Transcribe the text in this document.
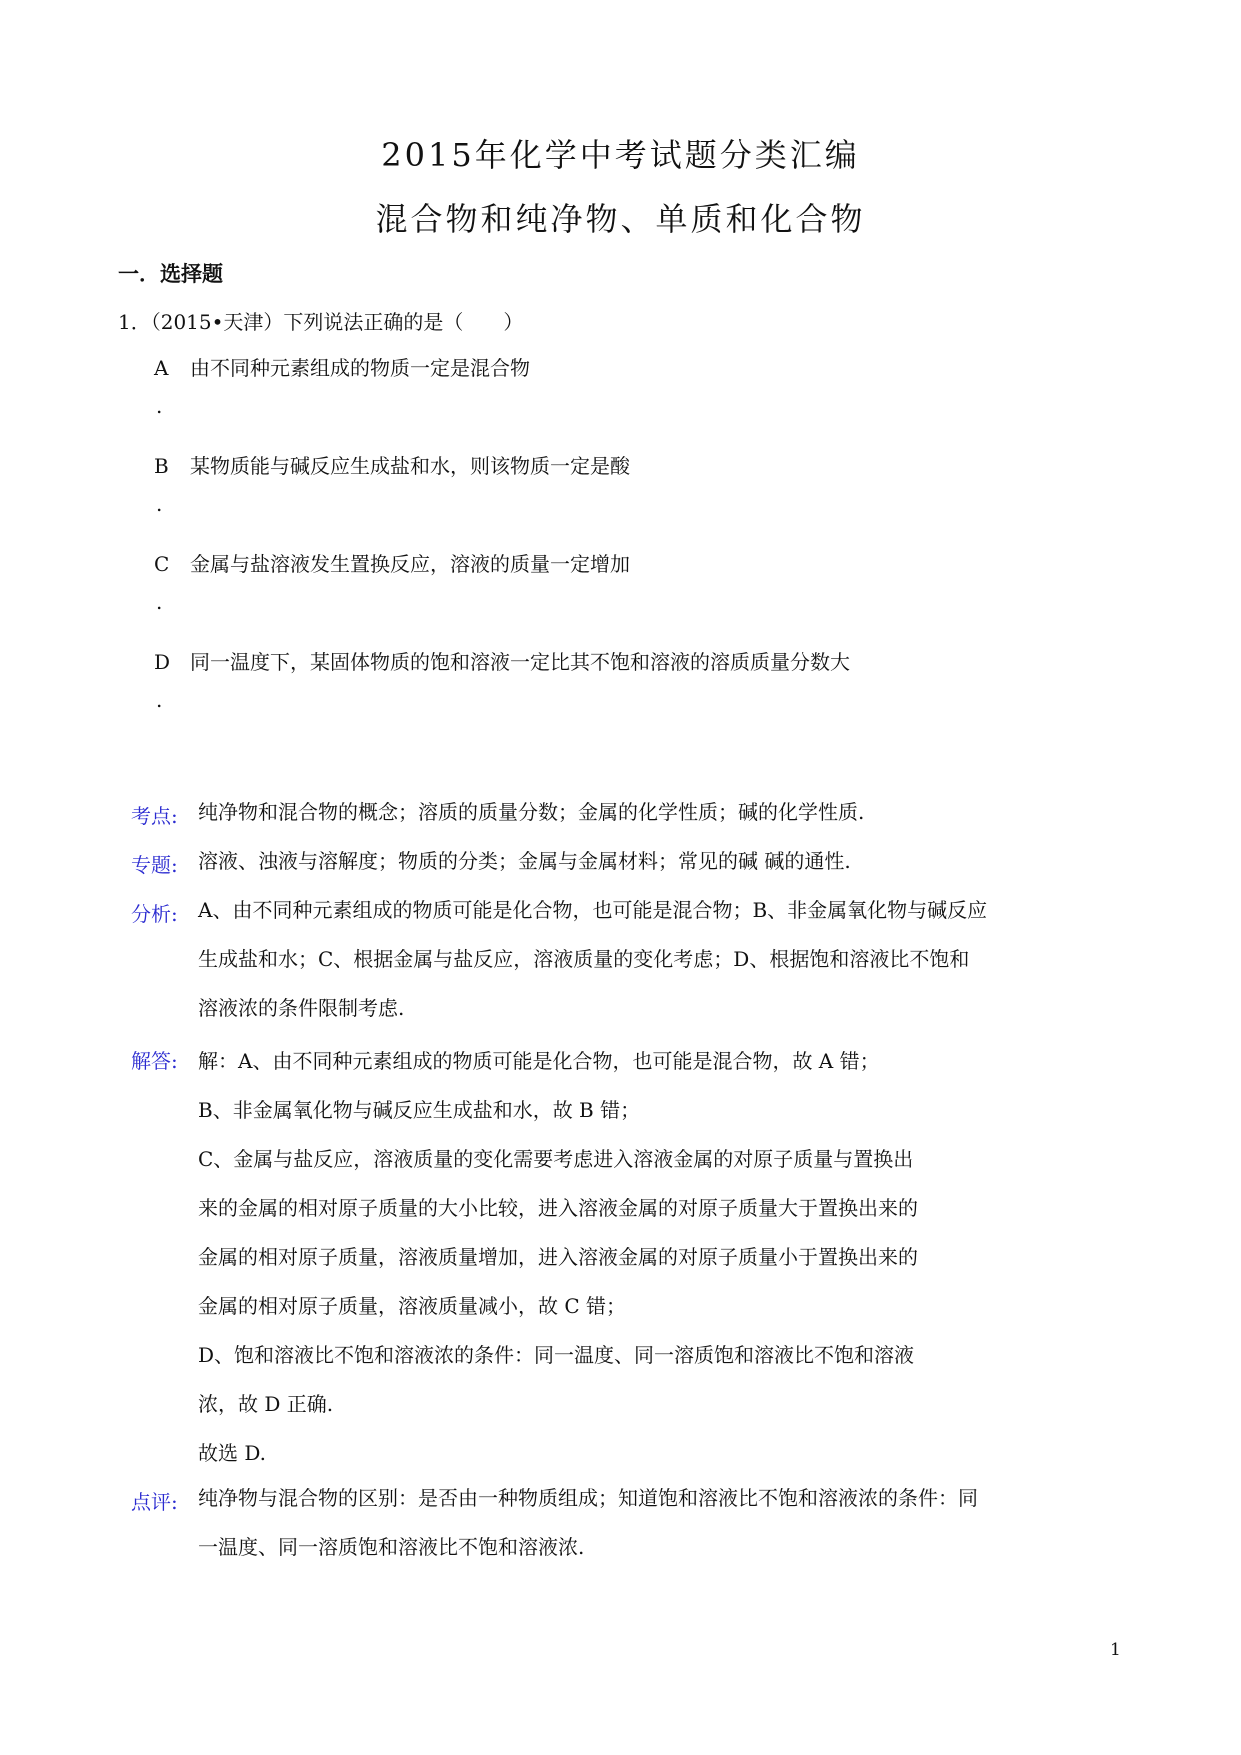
2015年化学中考试题分类汇编
混合物和纯净物、单质和化合物
一．选择题
1．（2015•天津）下列说法正确的是（　　）
A 由不同种元素组成的物质一定是混合物
.
B 某物质能与碱反应生成盐和水，则该物质一定是酸
.
C 金属与盐溶液发生置换反应，溶液的质量一定增加
.
D 同一温度下，某固体物质的饱和溶液一定比其不饱和溶液的溶质质量分数大
.
考点: 纯净物和混合物的概念；溶质的质量分数；金属的化学性质；碱的化学性质.
专题: 溶液、浊液与溶解度；物质的分类；金属与金属材料；常见的碱 碱的通性.
分析: A、由不同种元素组成的物质可能是化合物，也可能是混合物；B、非金属氧化物与碱反应生成盐和水；C、根据金属与盐反应，溶液质量的变化考虑；D、根据饱和溶液比不饱和溶液浓的条件限制考虑.
解答: 解：A、由不同种元素组成的物质可能是化合物，也可能是混合物，故 A 错；
B、非金属氧化物与碱反应生成盐和水，故 B 错；
C、金属与盐反应，溶液质量的变化需要考虑进入溶液金属的对原子质量与置换出
来的金属的相对原子质量的大小比较，进入溶液金属的对原子质量大于置换出来的
金属的相对原子质量，溶液质量增加，进入溶液金属的对原子质量小于置换出来的
金属的相对原子质量，溶液质量减小，故 C 错；
D、饱和溶液比不饱和溶液浓的条件：同一温度、同一溶质饱和溶液比不饱和溶液
浓，故 D 正确.
故选 D.
点评: 纯净物与混合物的区别：是否由一种物质组成；知道饱和溶液比不饱和溶液浓的条件：同一温度、同一溶质饱和溶液比不饱和溶液浓.
1
